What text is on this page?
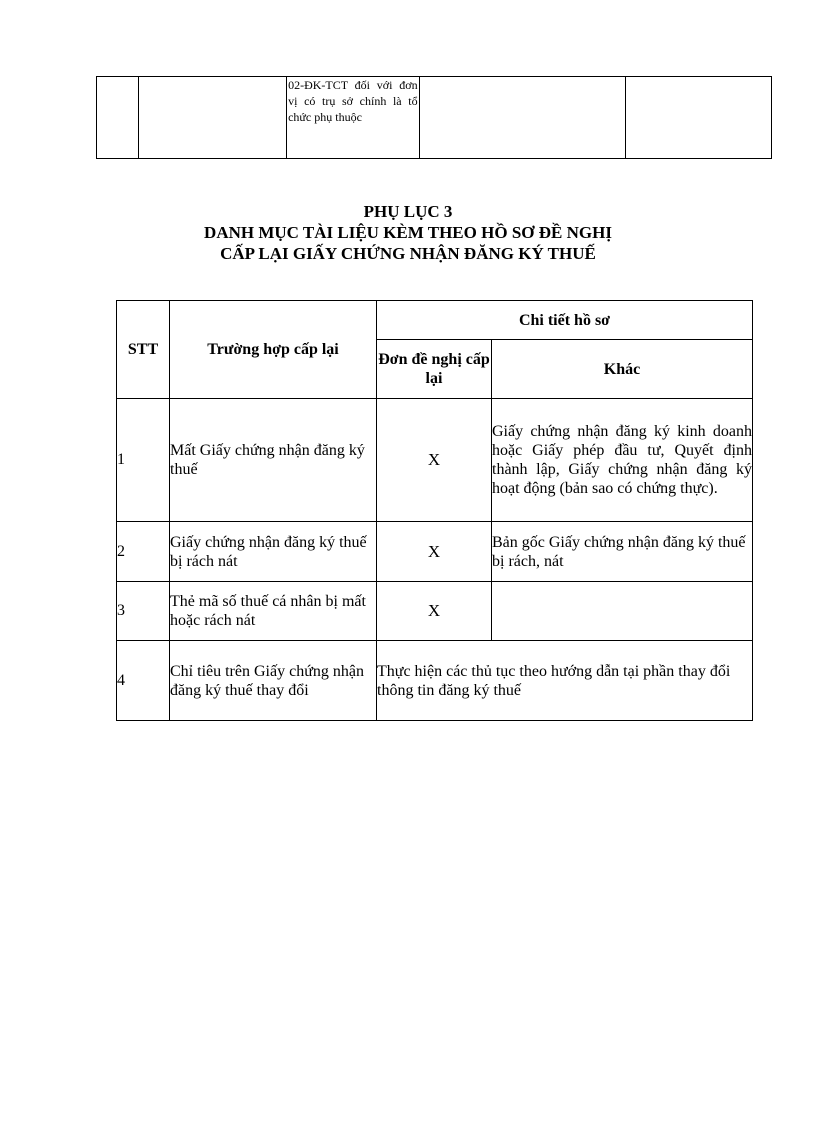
		02-ĐK-TCT đối với đơn vị có trụ sở chính là tổ chức phụ thuộc		
PHỤ LỤC 3
DANH MỤC TÀI LIỆU KÈM THEO HỒ SƠ ĐỀ NGHỊ
CẤP LẠI GIẤY CHỨNG NHẬN ĐĂNG KÝ THUẾ
STT	Trường hợp cấp lại	Chi tiết hồ sơ	
		Đơn đề nghị cấp lại	Khác
1	Mất Giấy chứng nhận đăng ký thuế	X	Giấy chứng nhận đăng ký kinh doanh hoặc Giấy phép đầu tư, Quyết định thành lập, Giấy chứng nhận đăng ký hoạt động (bản sao có chứng thực).
2	Giấy chứng nhận đăng ký thuế bị rách nát	X	Bản gốc Giấy chứng nhận đăng ký thuế bị rách, nát
3	Thẻ mã số thuế cá nhân bị mất hoặc rách nát	X	
4	Chỉ tiêu trên Giấy chứng nhận đăng ký thuế thay đổi	Thực hiện các thủ tục theo hướng dẫn tại phần thay đổi thông tin đăng ký thuế	
